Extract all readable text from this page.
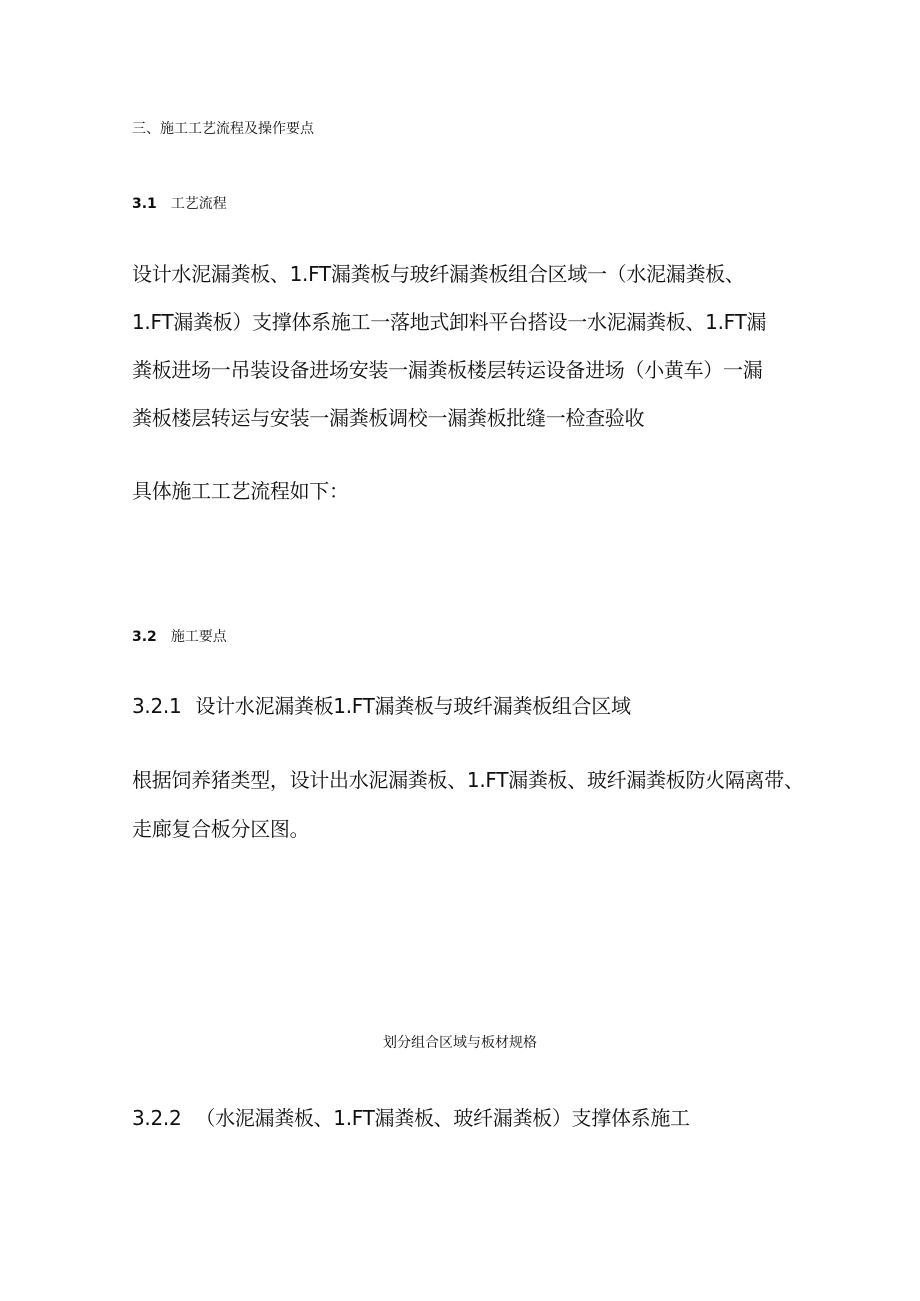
三、施工工艺流程及操作要点

3.1 工艺流程

设计水泥漏粪板、1.FT漏粪板与玻纤漏粪板组合区域一（水泥漏粪板、

1.FT漏粪板）支撑体系施工一落地式卸料平台搭设一水泥漏粪板、1.FT漏

粪板进场一吊装设备进场安装一漏粪板楼层转运设备进场（小黄车）一漏

粪板楼层转运与安装一漏粪板调校一漏粪板批缝一检查验收

具体施工工艺流程如下：

3.2 施工要点

3.2.1 设计水泥漏粪板1.FT漏粪板与玻纤漏粪板组合区域

根据饲养猪类型，设计出水泥漏粪板、1.FT漏粪板、玻纤漏粪板防火隔离带、

走廊复合板分区图。

划分组合区域与板材规格

3.2.2 （水泥漏粪板、1.FT漏粪板、玻纤漏粪板）支撑体系施工
